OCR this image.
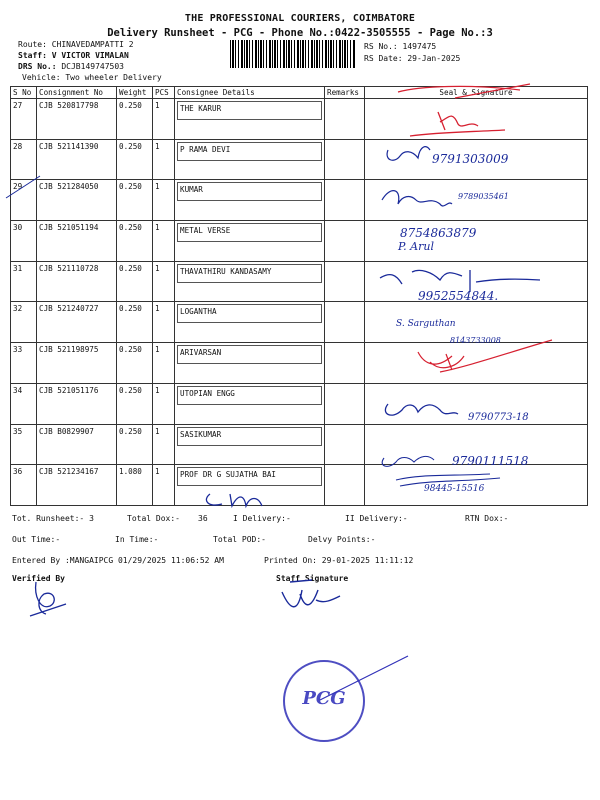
THE PROFESSIONAL COURIERS, COIMBATORE
Delivery Runsheet - PCG - Phone No.:0422-3505555 - Page No.:3
Route: CHINAVEDAMPATTI 2
Staff: V VICTOR VIMALAN
DRS No.: DCJB149747503
Vehicle: Two wheeler Delivery
RS No.: 1497475
RS Date: 29-Jan-2025
S No	Consignment No	Weight	PCS	Consignee Details	Remarks	Seal & Signature
27	CJB 520817798	0.250	1	THE KARUR		

28	CJB 521141390	0.250	1	P RAMA DEVI		

29	CJB 521284050	0.250	1	KUMAR		

30	CJB 521051194	0.250	1	METAL VERSE		

31	CJB 521110728	0.250	1	THAVATHIRU KANDASAMY		

32	CJB 521240727	0.250	1	LOGANTHA		

33	CJB 521198975	0.250	1	ARIVARSAN		

34	CJB 521051176	0.250	1	UTOPIAN ENGG		

35	CJB B0829907	0.250	1	SASIKUMAR		

36	CJB 521234167	1.080	1	PROF DR G SUJATHA BAI		

9791303009
9789035461
8754863879
P. Arul
9952554844.
S. Sarguthan
8143733008
9790773-18
9790111518
98445-15516
Tot. Runsheet:- 3	Total Dox:- 36	I Delivery:-	II Delivery:-	RTN Dox:-
Out Time:-	In Time:-	Total POD:-	Delvy Points:-
Entered By :MANGAIPCG 01/29/2025 11:06:52 AM	Printed On: 29-01-2025 11:11:12
Verified By	Staff Signature
PCG
